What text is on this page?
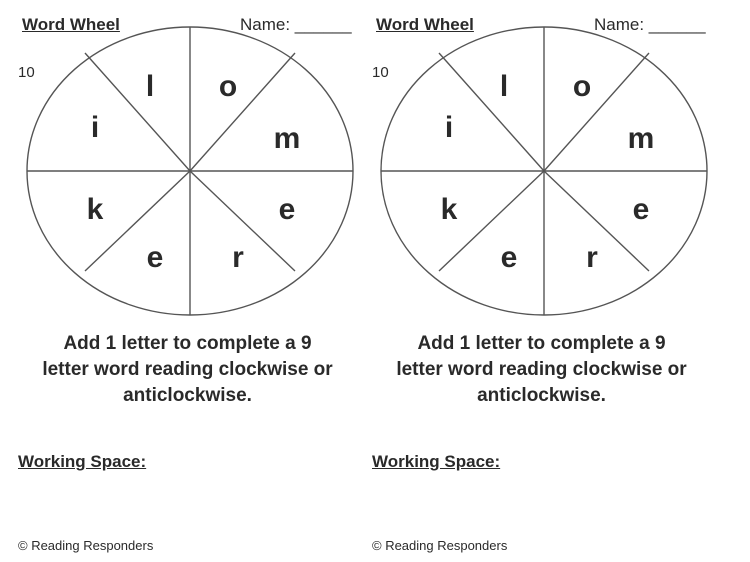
Word Wheel	Name: ______
10	l o
m
e
r
e
k
i
Add 1 letter to complete a 9
letter word reading clockwise or
anticlockwise.
Working Space:
© Reading Responders
Word Wheel	Name: ______
10	l o
m
e
r
e
k
i
Add 1 letter to complete a 9
letter word reading clockwise or
anticlockwise.
Working Space:
© Reading Responders
